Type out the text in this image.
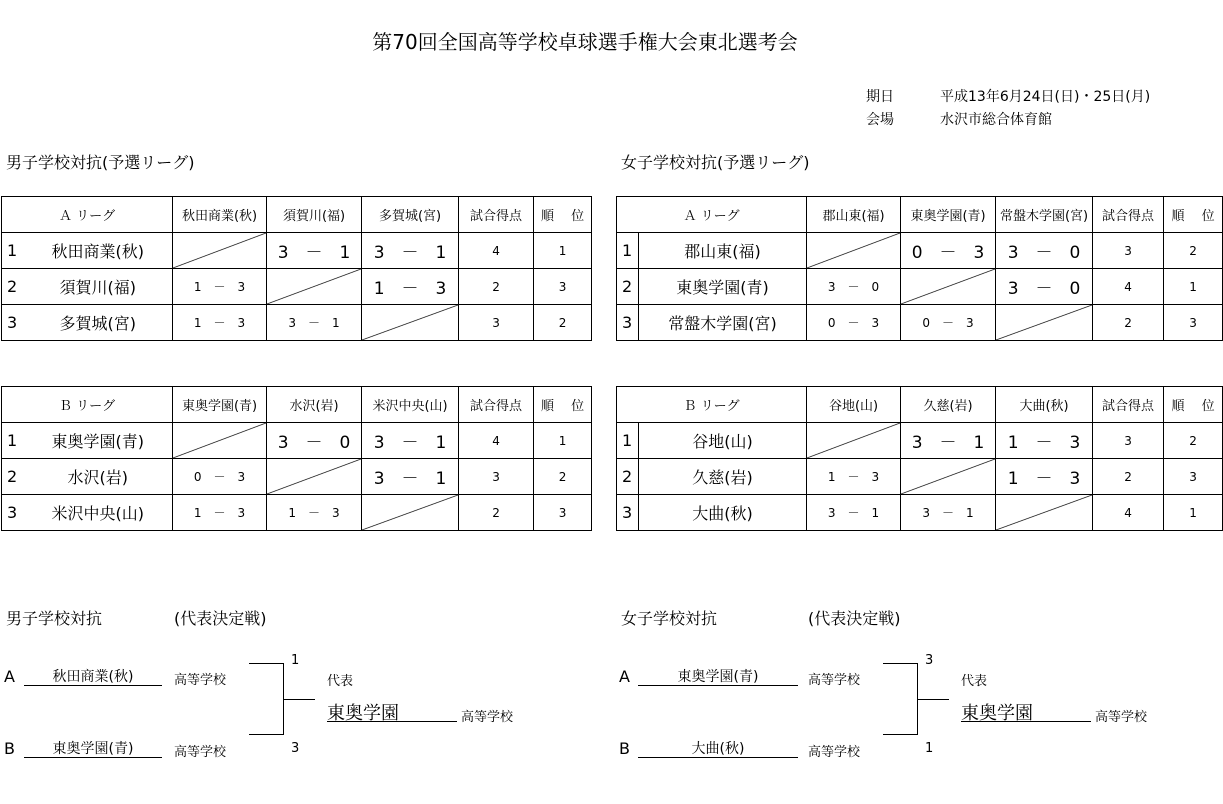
第70回全国高等学校卓球選手権大会東北選考会
期日	平成13年6月24日(日)・25日(月)
会場	水沢市総合体育館
男子学校対抗(予選リーグ)	女子学校対抗(予選リーグ)
Ａ リーグ		秋田商業(秋)	須賀川(福)	多賀城(宮)	試合得点	順　 位
1	秋田商業(秋)		3　－　1	3　－　1	4	1
2	須賀川(福)	1　－　3		1　－　3	2	3
3	多賀城(宮)	1　－　3	3　－　1		3	2
Ｂ リーグ		東奥学園(青)	水沢(岩)	米沢中央(山)	試合得点	順　 位
1	東奥学園(青)		3　－　0	3　－　1	4	1
2	水沢(岩)	0　－　3		3　－　1	3	2
3	米沢中央(山)	1　－　3	1　－　3		2	3
Ａ リーグ		郡山東(福)	東奥学園(青)	常盤木学園(宮)	試合得点	順　 位
1	郡山東(福)		0　－　3	3　－　0	3	2
2	東奥学園(青)	3　－　0		3　－　0	4	1
3	常盤木学園(宮)	0　－　3	0　－　3		2	3
Ｂ リーグ		谷地(山)	久慈(岩)	大曲(秋)	試合得点	順　 位
1	谷地(山)		3　－　1	1　－　3	3	2
2	久慈(岩)	1　－　3		1　－　3	2	3
3	大曲(秋)	3　－　1	3　－　1		4	1
男子学校対抗	(代表決定戦)
A	秋田商業(秋)	高等学校
1
B	東奥学園(青)	高等学校	3
代表
東奥学園	高等学校
女子学校対抗	(代表決定戦)
A	東奥学園(青)	高等学校
3
B	大曲(秋)	高等学校	1
代表
東奥学園	高等学校
